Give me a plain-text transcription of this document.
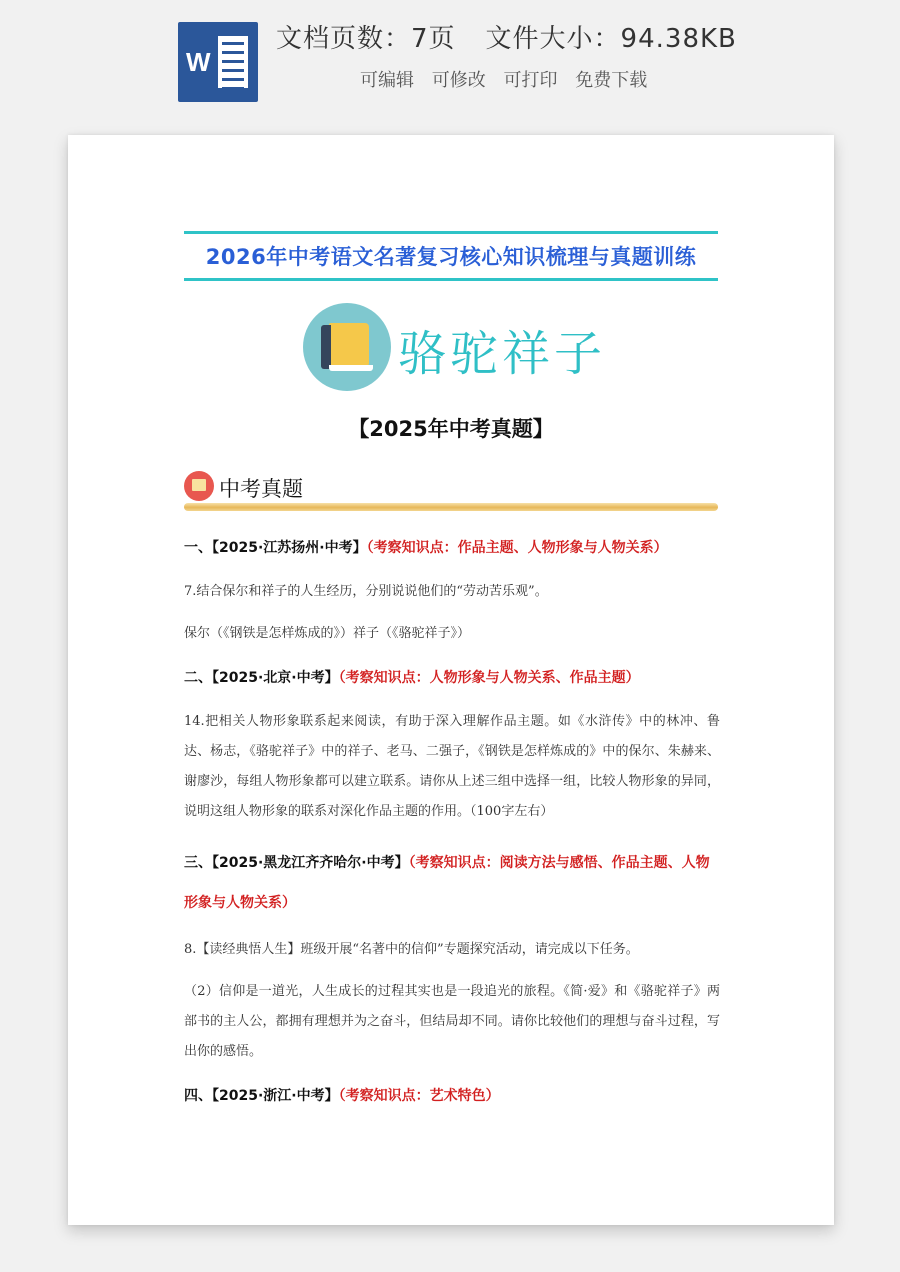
W
文档页数：7页 文件大小：94.38KB
可编辑 可修改 可打印 免费下载
2026年中考语文名著复习核心知识梳理与真题训练
骆驼祥子
【2025年中考真题】
中考真题

一、【2025·江苏扬州·中考】（考察知识点：作品主题、人物形象与人物关系）

7.结合保尔和祥子的人生经历，分别说说他们的“劳动苦乐观”。

保尔（《钢铁是怎样炼成的》）祥子（《骆驼祥子》）

二、【2025·北京·中考】（考察知识点：人物形象与人物关系、作品主题）

14.把相关人物形象联系起来阅读，有助于深入理解作品主题。如《水浒传》中的林冲、鲁达、杨志，《骆驼祥子》中的祥子、老马、二强子，《钢铁是怎样炼成的》中的保尔、朱赫来、谢廖沙，每组人物形象都可以建立联系。请你从上述三组中选择一组，比较人物形象的异同，说明这组人物形象的联系对深化作品主题的作用。（100字左右）

三、【2025·黑龙江齐齐哈尔·中考】（考察知识点：阅读方法与感悟、作品主题、人物形象与人物关系）

8.【读经典悟人生】班级开展“名著中的信仰”专题探究活动，请完成以下任务。

（2）信仰是一道光，人生成长的过程其实也是一段追光的旅程。《简·爱》和《骆驼祥子》两部书的主人公，都拥有理想并为之奋斗，但结局却不同。请你比较他们的理想与奋斗过程，写出你的感悟。

四、【2025·浙江·中考】（考察知识点：艺术特色）
